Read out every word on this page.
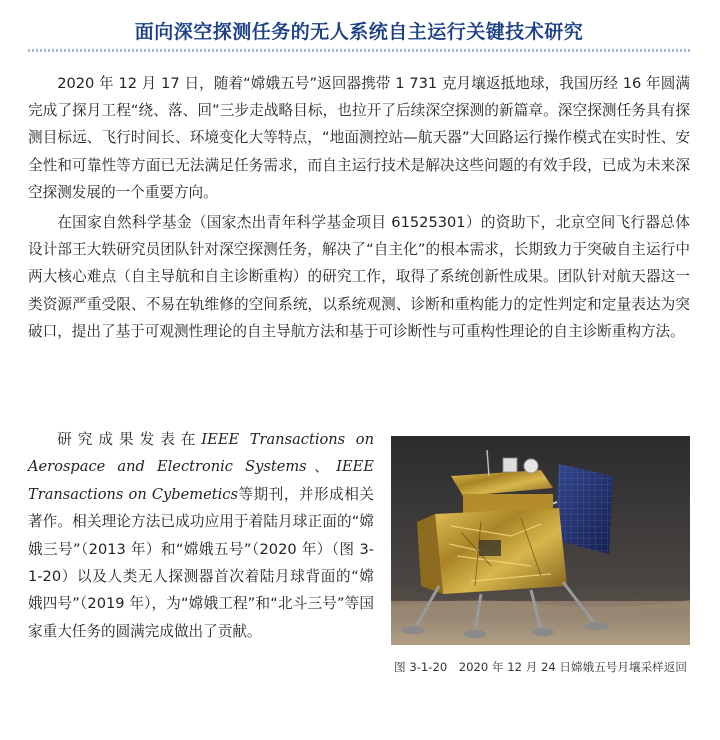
面向深空探测任务的无人系统自主运行关键技术研究

2020 年 12 月 17 日，随着“嫦娥五号”返回器携带 1 731 克月壤返抵地球，我国历经 16 年圆满完成了探月工程“绕、落、回”三步走战略目标，也拉开了后续深空探测的新篇章。深空探测任务具有探测目标远、飞行时间长、环境变化大等特点，“地面测控站—航天器”大回路运行操作模式在实时性、安全性和可靠性等方面已无法满足任务需求，而自主运行技术是解决这些问题的有效手段，已成为未来深空探测发展的一个重要方向。

在国家自然科学基金（国家杰出青年科学基金项目 61525301）的资助下，北京空间飞行器总体设计部王大轶研究员团队针对深空探测任务，解决了“自主化”的根本需求，长期致力于突破自主运行中两大核心难点（自主导航和自主诊断重构）的研究工作，取得了系统创新性成果。团队针对航天器这一类资源严重受限、不易在轨维修的空间系统，以系统观测、诊断和重构能力的定性判定和定量表达为突破口，提出了基于可观测性理论的自主导航方法和基于可诊断性与可重构性理论的自主诊断重构方法。

研究成果发表在IEEE Transactions on Aerospace and Electronic Systems、IEEE Transactions on Cybemetics等期刊，并形成相关著作。相关理论方法已成功应用于着陆月球正面的“嫦娥三号”（2013 年）和“嫦娥五号”（2020 年）（图 3-1-20）以及人类无人探测器首次着陆月球背面的“嫦娥四号”（2019 年），为“嫦娥工程”和“北斗三号”等国家重大任务的圆满完成做出了贡献。

图 3-1-20　2020 年 12 月 24 日嫦娥五号月壤采样返回
